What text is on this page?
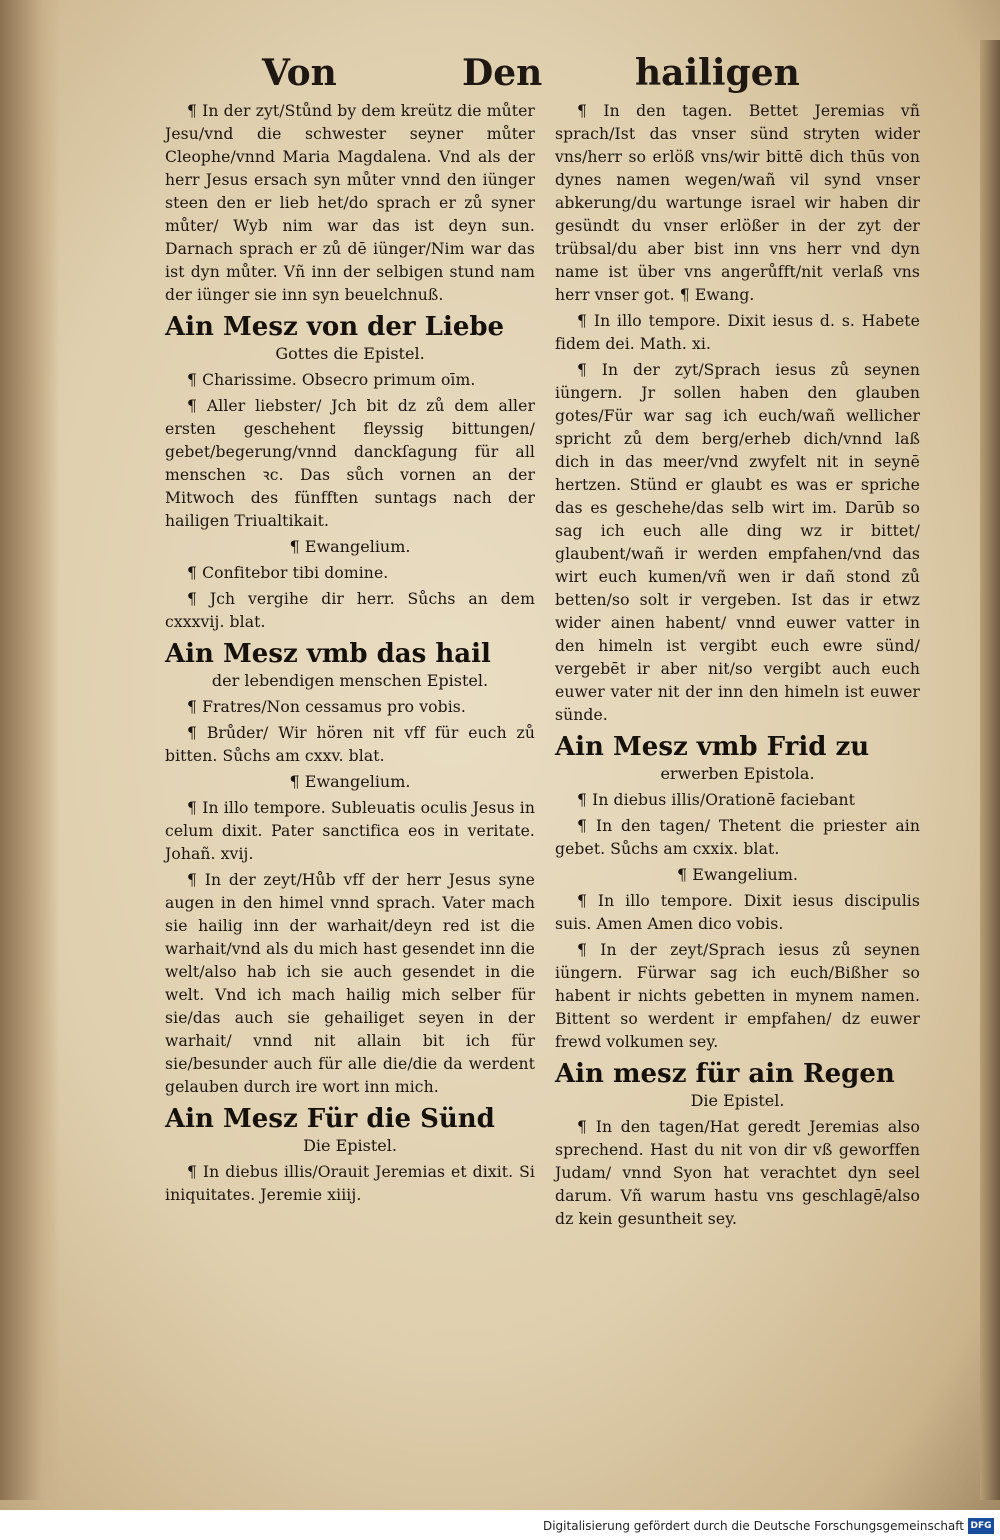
Von	Den	hailigen

¶ In der zyt/Stůnd by dem kreütz die můter Jesu/vnd die schwester seyner můter Cleophe/vnnd Maria Magdalena. Vnd als der herr Jesus ersach syn můter vnnd den iünger steen den er lieb het/do sprach er zů syner můter/ Wyb nim war das ist deyn sun. Darnach sprach er zů dē iünger/Nim war das ist dyn můter. Vñ inn der selbigen stund nam der iünger sie inn syn beuelchnuß.

Ain Mesz von der Liebe
Gottes die Epistel.

¶ Charissime. Obsecro primum oīm.

¶ Aller liebster/ Jch bit dz zů dem aller ersten geschehent fleyssig bittungen/ gebet/begerung/vnnd danckſagung für all menschen ꝛc. Das sůch vornen an der Mitwoch des fünfften suntags nach der hailigen Triualtikait.

¶ Ewangelium.

¶ Confitebor tibi domine.

¶ Jch vergihe dir herr. Sůchs an dem cxxxvij. blat.

Ain Mesz vmb das hail
der lebendigen menschen Epistel.

¶ Fratres/Non cessamus pro vobis.

¶ Brůder/ Wir hören nit vff für euch zů bitten. Sůchs am cxxv. blat.

¶ Ewangelium.

¶ In illo tempore. Subleuatis oculis Jesus in celum dixit. Pater sanctifica eos in veritate. Johañ. xvij.

¶ In der zeyt/Hůb vff der herr Jesus syne augen in den himel vnnd sprach. Vater mach sie hailig inn der warhait/deyn red ist die warhait/vnd als du mich hast gesendet inn die welt/also hab ich sie auch gesendet in die welt. Vnd ich mach hailig mich selber für sie/das auch sie gehailiget seyen in der warhait/ vnnd nit allain bit ich für sie/besunder auch für alle die/die da werdent gelauben durch ire wort inn mich.

Ain Mesz Für die Sünd
Die Epistel.

¶ In diebus illis/Orauit Jeremias et dixit. Si iniquitates. Jeremie xiiij.

¶ In den tagen. Bettet Jeremias vñ sprach/Ist das vnser sünd stryten wider vns/herr so erlöß vns/wir bittē dich thūs von dynes namen wegen/wañ vil synd vnser abkerung/du wartunge israel wir haben dir gesündt du vnser erlößer in der zyt der trübsal/du aber bist inn vns herr vnd dyn name ist über vns angerůfft/nit verlaß vns herr vnser got. ¶ Ewang.

¶ In illo tempore. Dixit iesus d. s. Habete fidem dei. Math. xi.

¶ In der zyt/Sprach iesus zů seynen iüngern. Jr sollen haben den glauben gotes/Für war sag ich euch/wañ wellicher spricht zů dem berg/erheb dich/vnnd laß dich in das meer/vnd zwyfelt nit in seynē hertzen. Stünd er glaubt es was er spriche das es geschehe/das selb wirt im. Darūb so sag ich euch alle ding wz ir bittet/ glaubent/wañ ir werden empfahen/vnd das wirt euch kumen/vñ wen ir dañ stond zů betten/so solt ir vergeben. Ist das ir etwz wider ainen habent/ vnnd euwer vatter in den himeln ist vergibt euch ewre sünd/ vergebēt ir aber nit/so vergibt auch euch euwer vater nit der inn den himeln ist euwer sünde.

Ain Mesz vmb Frid zu
erwerben Epistola.

¶ In diebus illis/Orationē faciebant

¶ In den tagen/ Thetent die priester ain gebet. Sůchs am cxxix. blat.

¶ Ewangelium.

¶ In illo tempore. Dixit iesus discipulis suis. Amen Amen dico vobis.

¶ In der zeyt/Sprach iesus zů seynen iüngern. Fürwar sag ich euch/Bißher so habent ir nichts gebetten in mynem namen. Bittent so werdent ir empfahen/ dz euwer frewd volkumen sey.

Ain mesz für ain Regen
Die Epistel.

¶ In den tagen/Hat geredt Jeremias also sprechend. Hast du nit von dir vß geworffen Judam/ vnnd Syon hat verachtet dyn seel darum. Vñ warum hastu vns geschlagē/also dz kein gesuntheit sey.

Digitalisierung gefördert durch die Deutsche Forschungsgemeinschaft DFG
